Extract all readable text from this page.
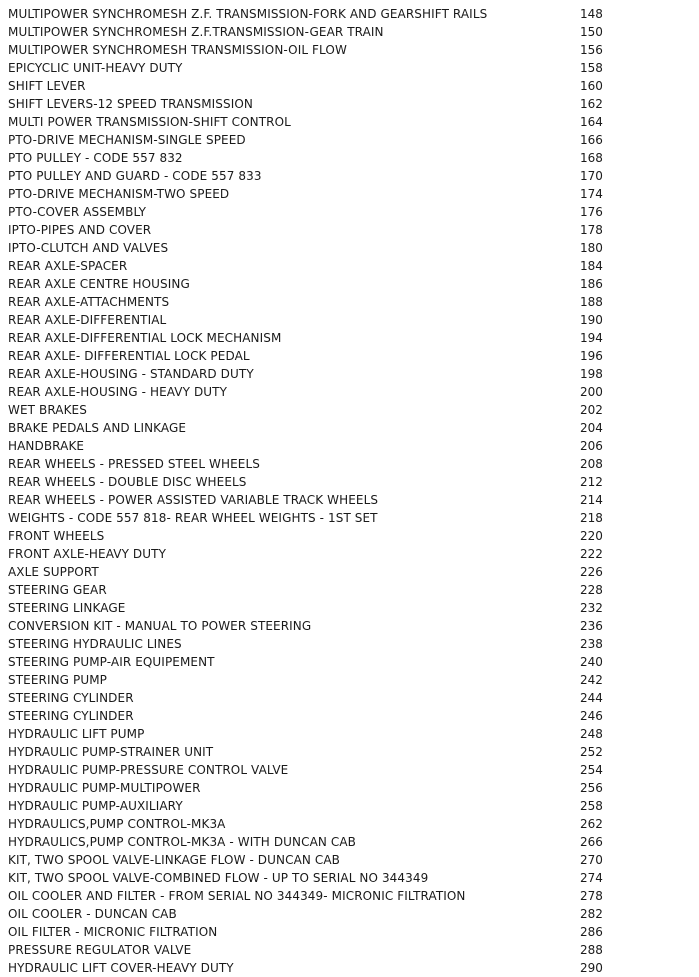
MULTIPOWER SYNCHROMESH Z.F. TRANSMISSION-FORK AND GEARSHIFT RAILS	148
MULTIPOWER SYNCHROMESH Z.F.TRANSMISSION-GEAR TRAIN	150
MULTIPOWER SYNCHROMESH TRANSMISSION-OIL FLOW	156
EPICYCLIC UNIT-HEAVY DUTY	158
SHIFT LEVER	160
SHIFT LEVERS-12 SPEED TRANSMISSION	162
MULTI POWER TRANSMISSION-SHIFT CONTROL	164
PTO-DRIVE MECHANISM-SINGLE SPEED	166
PTO PULLEY - CODE 557 832	168
PTO PULLEY AND GUARD - CODE 557 833	170
PTO-DRIVE MECHANISM-TWO SPEED	174
PTO-COVER ASSEMBLY	176
IPTO-PIPES AND COVER	178
IPTO-CLUTCH AND VALVES	180
REAR AXLE-SPACER	184
REAR AXLE CENTRE HOUSING	186
REAR AXLE-ATTACHMENTS	188
REAR AXLE-DIFFERENTIAL	190
REAR AXLE-DIFFERENTIAL LOCK MECHANISM	194
REAR AXLE- DIFFERENTIAL LOCK PEDAL	196
REAR AXLE-HOUSING - STANDARD DUTY	198
REAR AXLE-HOUSING - HEAVY DUTY	200
WET BRAKES	202
BRAKE PEDALS AND LINKAGE	204
HANDBRAKE	206
REAR WHEELS - PRESSED STEEL WHEELS	208
REAR WHEELS - DOUBLE DISC WHEELS	212
REAR WHEELS - POWER ASSISTED VARIABLE TRACK WHEELS	214
WEIGHTS - CODE 557 818- REAR WHEEL WEIGHTS - 1ST SET	218
FRONT WHEELS	220
FRONT AXLE-HEAVY DUTY	222
AXLE SUPPORT	226
STEERING GEAR	228
STEERING LINKAGE	232
CONVERSION KIT - MANUAL TO POWER STEERING	236
STEERING HYDRAULIC LINES	238
STEERING PUMP-AIR EQUIPEMENT	240
STEERING PUMP	242
STEERING CYLINDER	244
STEERING CYLINDER	246
HYDRAULIC LIFT PUMP	248
HYDRAULIC PUMP-STRAINER UNIT	252
HYDRAULIC PUMP-PRESSURE CONTROL VALVE	254
HYDRAULIC PUMP-MULTIPOWER	256
HYDRAULIC PUMP-AUXILIARY	258
HYDRAULICS,PUMP CONTROL-MK3A	262
HYDRAULICS,PUMP CONTROL-MK3A - WITH DUNCAN CAB	266
KIT, TWO SPOOL VALVE-LINKAGE FLOW - DUNCAN CAB	270
KIT, TWO SPOOL VALVE-COMBINED FLOW - UP TO SERIAL NO 344349	274
OIL COOLER AND FILTER - FROM SERIAL NO 344349- MICRONIC FILTRATION	278
OIL COOLER - DUNCAN CAB	282
OIL FILTER - MICRONIC FILTRATION	286
PRESSURE REGULATOR VALVE	288
HYDRAULIC LIFT COVER-HEAVY DUTY	290
